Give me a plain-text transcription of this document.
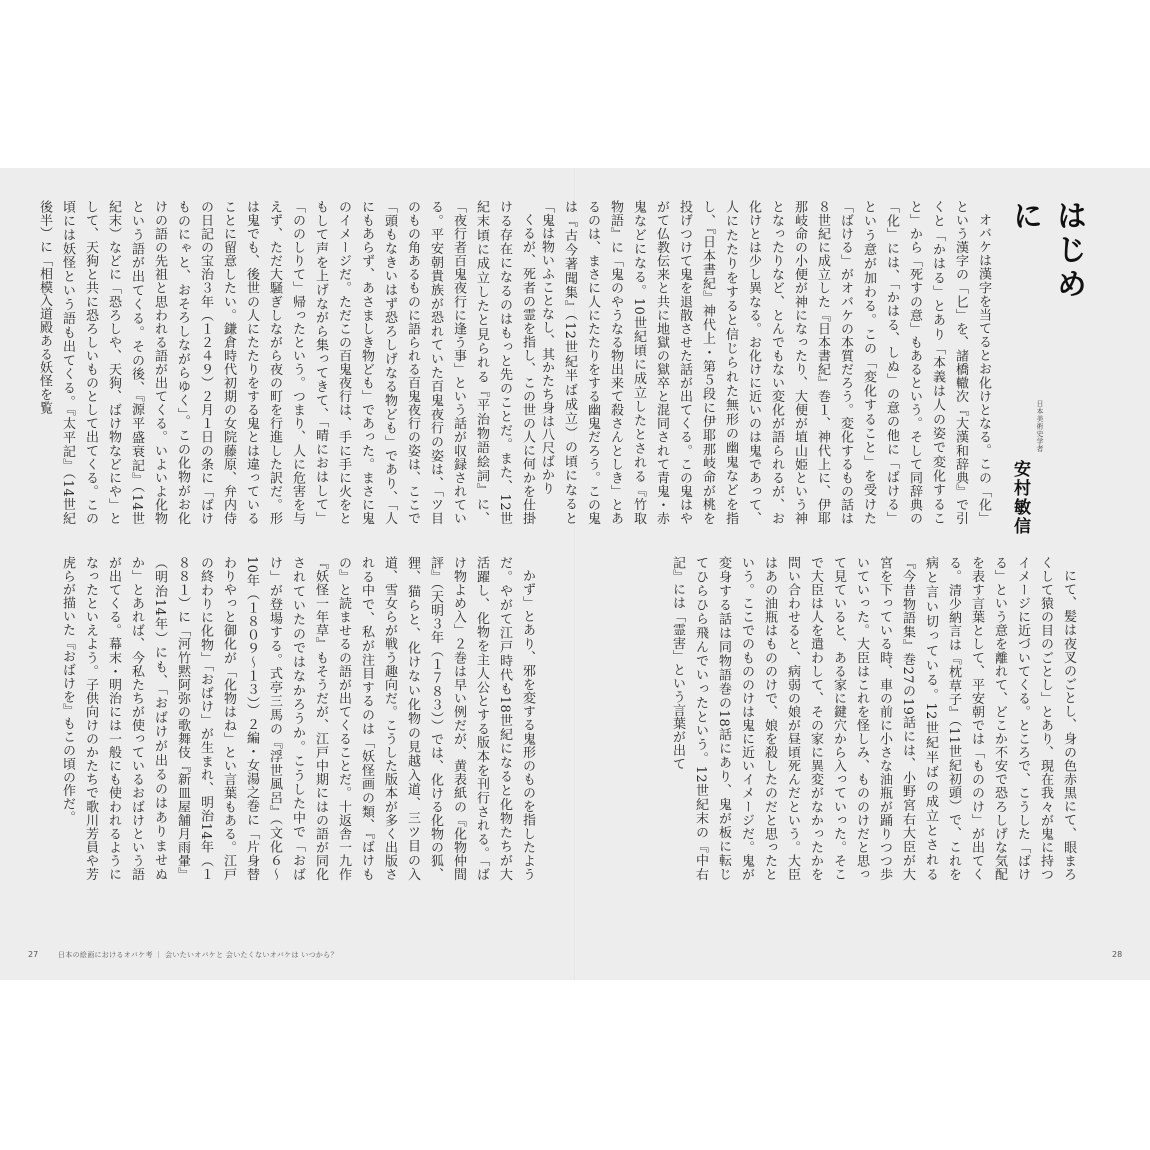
はじめに
日本美術史学者
安村敏信

オバケは漢字を当てるとお化けとなる。この「化」という漢字の「匕」を、諸橋轍次『大漢和辞典』で引くと「かはる」とあり「本義は人の姿で変化すること」から「死すの意」もあるという。そして同辞典の「化」には、「かはる、しぬ」の意の他に「ばける」という意が加わる。この「変化すること」を受けた「ばける」がオバケの本質だろう。変化するもの話は８世紀に成立した『日本書紀』巻１、神代上に、伊耶那岐命の小便が神になったり、大便が埴山姫という神となったりなど、とんでもない変化が語られるが、お化けとは少し異なる。お化けに近いのは鬼であって、人にたたりをすると信じられた無形の幽鬼などを指し、『日本書紀』神代上・第５段に伊耶那岐命が桃を投げつけて鬼を退散させた話が出てくる。この鬼はやがて仏教伝来と共に地獄の獄卒と混同されて青鬼・赤鬼などになる。10世紀頃に成立したとされる『竹取物語』に「鬼のやうなる物出来て殺さんとしき」とあるのは、まさに人にたたりをする幽鬼だろう。この鬼は『古今著聞集』（12世紀半ば成立）の頃になると「鬼は物いふことなし、其かたち身は八尺ばかり

にて、髪は夜叉のごとし、身の色赤黒にて、眼まろくして猿の目のごとし」とあり、現在我々が鬼に持つイメージに近づいてくる。ところで、こうした「ばける」という意を離れて、どこか不安で恐ろしげな気配を表す言葉として、平安朝では「もののけ」が出てくる。清少納言は『枕草子』（11世紀初頭）で、これを病と言い切っている。12世紀半ばの成立とされる『今昔物語集』巻27の19話には、小野宮右大臣が大宮を下っている時、車の前に小さな油瓶が踊りつつ歩いていった。大臣はこれを怪しみ、もののけだと思って見ていると、ある家に鍵穴から入っていった。そこで大臣は人を遣わして、その家に異変がなかったかを問い合わせると、病弱の娘が昼頃死んだという。大臣はあの油瓶はもののけで、娘を殺したのだと思ったという。ここでのもののけは鬼に近いイメージだ。鬼が変身する話は同物語巻の18話にあり、鬼が板に転じてひらひら飛んでいったという。12世紀末の『中右記』には「霊害」という言葉が出て

くるが、死者の霊を指し、この世の人に何かを仕掛ける存在になるのはもっと先のことだ。また、12世紀末頃に成立したと見られる『平治物語絵詞』に、「夜行者百鬼夜行に逢う事」という話が収録されている。平安朝貴族が恐れていた百鬼夜行の姿は、「ツ目のもの角あるものに語られる百鬼夜行の姿は、ここで「頭もなきいはず恐ろしげなる物ども」であり、「人にもあらず、あさましき物ども」であった。まさに鬼のイメージだ。ただこの百鬼夜行は、手に手に火をともして声を上げながら集ってきて、「晴におはして」「ののしりて」帰ったという。つまり、人に危害を与えず、ただ大騒ぎしながら夜の町を行進した訳だ。形は鬼でも、後世の人にたたりをする鬼とは違っていることに留意したい。鎌倉時代初期の女院藤原、弁内侍の日記の宝治３年（１２４９）２月１日の条に「ばけものにゃと、おそろしながらゆく」。この化物がお化けの語の先祖と思われる語が出てくる。いよいよ化物という語が出てくる。その後、『源平盛衰記』（14世紀末）などに「恐ろしや、天狗、ばけ物などにや」として、天狗と共に恐ろしいものとして出てくる。この頃には妖怪という語も出てくる。『太平記』（14世紀後半）に「相模入道殿ある妖怪を覧

かず」とあり、邪を変する鬼形のものを指したようだ。やがて江戸時代も18世紀になると化物たちが大活躍し、化物を主人公とする版本を刊行される。「ばけ物よめ入」２巻は早い例だが、黄表紙の『化物仲間評』（天明３年（１７８３））では、化ける化物の狐、狸、猫らと、化けない化物の見越入道、三ツ目の入道、雪女らが戦う趣向だ。こうした版本が多く出版される中で、私が注目するのは「妖怪画の類、『ばけもの』と読ませるの語が出てくることだ。十返舎一九作『妖怪一年草』もそうだが、江戸中期にはの語が同化されていたのではなかろうか。こうした中で「おばけ」が登場する。式亭三馬の『浮世風呂』（文化６～10年（１８０９～１３））２編・女湯之巻に「片身替わりやっと御化が「化物はね」とい言葉もある。江戸の終わりに化物」「おばけ」が生まれ、明治14年（１８８１）に「河竹黙阿弥の歌舞伎『新皿屋舗月雨暈』（明治14年）にも、「おばけが出るのはありませぬか」とあれば、今私たちが使っているおばけという語が出てくる。幕末・明治には一般にも使われるようになったといえよう。子供向けのかたちで歌川芳員や芳虎らが描いた『おばけを』もこの頃の作だ。

27	日本の絵画におけるオバケ考 ｜ 会いたいオバケと 会いたくないオバケは いつから？	28
